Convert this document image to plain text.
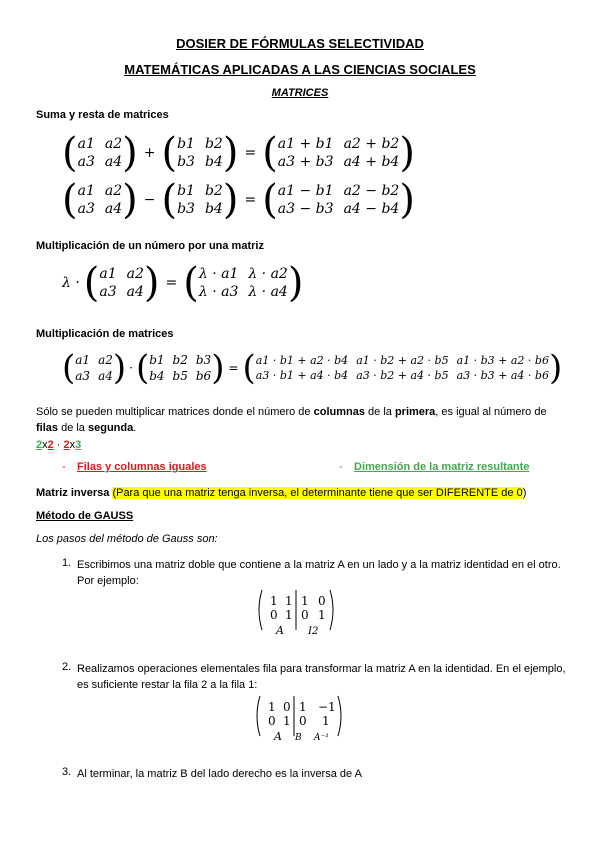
DOSIER DE FÓRMULAS SELECTIVIDAD
MATEMÁTICAS APLICADAS A LAS CIENCIAS SOCIALES
MATRICES
Suma y resta de matrices
( a1 a2
a3 a4 ) + ( b1 b2
b3 b4 ) = ( a1 + b1 a2 + b2
a3 + b3 a4 + b4 )
( a1 a2
a3 a4 ) − ( b1 b2
b3 b4 ) = ( a1 − b1 a2 − b2
a3 − b3 a4 − b4 )
Multiplicación de un número por una matriz
λ · ( a1 a2
a3 a4 ) = ( λ · a1 λ · a2
λ · a3 λ · a4 )
Multiplicación de matrices
( a1 a2
a3 a4 ) · ( b1 b2 b3
b4 b5 b6 ) = ( a1 · b1 + a2 · b4 a1 · b2 + a2 · b5 a1 · b3 + a2 · b6
a3 · b1 + a4 · b4 a3 · b2 + a4 · b5 a3 · b3 + a4 · b6 )
Sólo se pueden multiplicar matrices donde el número de columnas de la primera, es igual al número de filas de la segunda.
2x2 · 2x3
- Filas y columnas iguales	- Dimensión de la matriz resultante
Matriz inversa (Para que una matriz tenga inversa, el determinante tiene que ser DIFERENTE de 0)
Método de GAUSS
Los pasos del método de Gauss son:
1. Escribimos una matriz doble que contiene a la matriz A en un lado y a la matriz identidad en el otro. Por ejemplo:
1 1
0 1
1 0
0 1
A I2
2. Realizamos operaciones elementales fila para transformar la matriz A en la identidad. En el ejemplo, es suficiente restar la fila 2 a la fila 1:
1 0
0 1
1 −1
0 1
A B A⁻¹
3. Al terminar, la matriz B del lado derecho es la inversa de A
